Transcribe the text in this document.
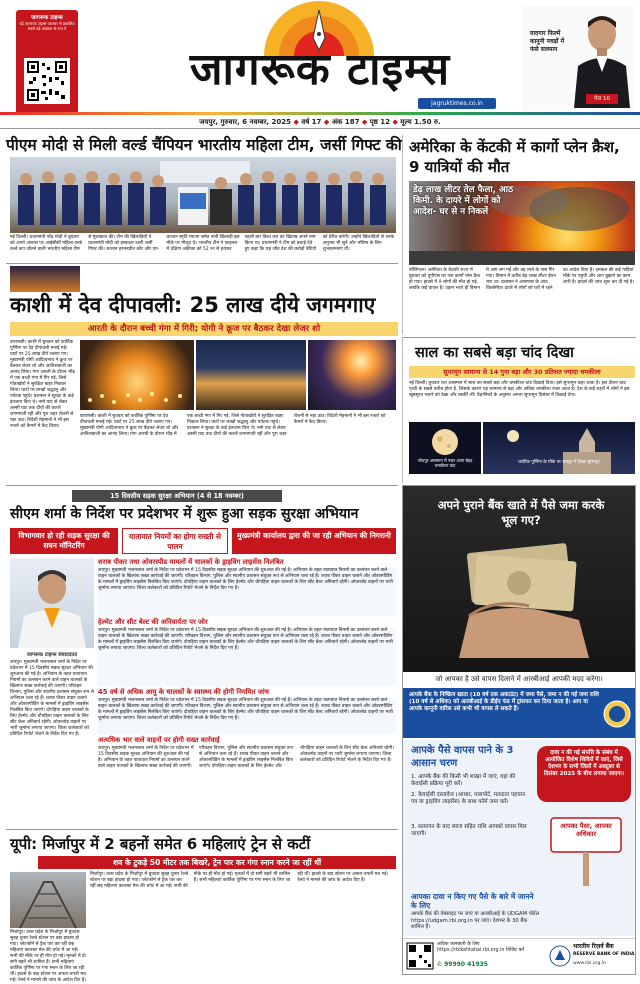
जागरूक टाइम्स
पढ़ें जागरूक टाइम्स जालंधर से प्रकाशित सबसे बड़े अखबार के रूप में
जागरूक टाइम्स
jagruktimes.co.in
यादगार फिल्में कानूनी पचड़ों में फंसे सलमान
पेज 10
जयपुर, गुरुवार, 6 नवम्बर, 2025 ◆ वर्ष 17 ◆ अंक 187 ◆ पृष्ठ 12 ◆ मूल्य 1.50 रु.
पीएम मोदी से मिली वर्ल्ड चैंपियन भारतीय महिला टीम, जर्सी गिफ्ट की
नई दिल्ली। प्रधानमंत्री नरेंद्र मोदी ने बुधवार को अपने आवास पर आईसीसी महिला वनडे वर्ल्ड कप जीतने वाली भारतीय महिला टीम से मुलाकात की। टीम की खिलाड़ियों ने प्रधानमंत्री मोदी को हस्ताक्षर वाली जर्सी गिफ्ट की। कप्तान हरमनप्रीत कौर और उप-कप्तान स्मृति मंधाना समेत सभी खिलाड़ी इस मौके पर मौजूद थे। भारतीय टीम ने फाइनल में दक्षिण अफ्रीका को 52 रन से हराकर पहली बार विश्व कप का खिताब अपने नाम किया था। प्रधानमंत्री ने टीम को बधाई देते हुए कहा कि यह जीत देश की करोड़ों बेटियों को प्रेरित करेगी। उन्होंने खिलाड़ियों से उनके अनुभव भी सुने और भविष्य के लिए शुभकामनाएं दीं।
अमेरिका के केंटकी में कार्गो प्लेन क्रैश, 9 यात्रियों की मौत
डेढ़ लाख लीटर तेल फैला, आठ किमी. के दायरे में लोगों को आदेश- घर से न निकलें
वॉशिंगटन। अमेरिका के केंटकी राज्य में बुधवार को यूपीएस का एक कार्गो प्लेन क्रैश हो गया। हादसे में 9 लोगों की मौत हो गई, जबकि कई घायल हैं। उड़ान भरते ही विमान में आग लग गई और वह रनवे के पास गिर गया। विमान में करीब डेढ़ लाख लीटर ईंधन भरा था। प्रशासन ने आसपास के आठ किलोमीटर दायरे में लोगों को घरों में रहने का आदेश दिया है। दमकल की कई गाड़ियां मौके पर पहुंची और आग बुझाने का काम जारी है। हादसे की जांच शुरू कर दी गई है।
काशी में देव दीपावली: 25 लाख दीये जगमगाए
आरती के दौरान बच्ची गंगा में गिरी; योगी ने क्रूज पर बैठकर देखा लेजर शो
वाराणसी। काशी में बुधवार को कार्तिक पूर्णिमा पर देव दीपावली मनाई गई। घाटों पर 25 लाख दीये जलाए गए। मुख्यमंत्री योगी आदित्यनाथ ने क्रूज पर बैठकर लेजर शो और आतिशबाजी का आनंद लिया। गंगा आरती के दौरान भीड़ में एक बच्ची गंगा में गिर गई, जिसे गोताखोरों ने सुरक्षित बाहर निकाल लिया। घाटों पर लाखों श्रद्धालु और पर्यटक पहुंचे। प्रशासन ने सुरक्षा के कड़े इंतजाम किए थे। नमो घाट से लेकर अस्सी घाट तक दीयों की कतारें जगमगाती रहीं और पूरा शहर रोशनी से नहा उठा। विदेशी मेहमानों ने भी इस नजारे को कैमरों में कैद किया।
वाराणसी। काशी में बुधवार को कार्तिक पूर्णिमा पर देव दीपावली मनाई गई। घाटों पर 25 लाख दीये जलाए गए। मुख्यमंत्री योगी आदित्यनाथ ने क्रूज पर बैठकर लेजर शो और आतिशबाजी का आनंद लिया। गंगा आरती के दौरान भीड़ में एक बच्ची गंगा में गिर गई, जिसे गोताखोरों ने सुरक्षित बाहर निकाल लिया। घाटों पर लाखों श्रद्धालु और पर्यटक पहुंचे। प्रशासन ने सुरक्षा के कड़े इंतजाम किए थे। नमो घाट से लेकर अस्सी घाट तक दीयों की कतारें जगमगाती रहीं और पूरा शहर रोशनी से नहा उठा। विदेशी मेहमानों ने भी इस नजारे को कैमरों में कैद किया।
साल का सबसे बड़ा चांद दिखा
सुपरमून सामान्य से 14 गुना बड़ा और 30 प्रतिशत ज्यादा चमकीला
नई दिल्ली। बुधवार रात आसमान में साल का सबसे बड़ा और चमकीला चांद दिखाई दिया। इसे सुपरमून कहा जाता है। इस दौरान चांद पृथ्वी के सबसे करीब होता है, जिसके कारण यह सामान्य से बड़ा और अधिक चमकीला नजर आता है। देश के कई शहरों में लोगों ने इस खूबसूरत नजारे को देखा और तस्वीरें लीं। वैज्ञानिकों के अनुसार अगला सुपरमून दिसंबर में दिखाई देगा।
जोधपुर आसमान में नजर आया बेहद चमकीला चांद
कार्तिक पूर्णिमा के मौके पर जयपुर में दिखा सुपरमून
15 दिवसीय सड़क सुरक्षा अभियान (4 से 18 नवम्बर)
सीएम शर्मा के निर्देश पर प्रदेशभर में शुरू हुआ सड़क सुरक्षा अभियान
विभागवार हो रही सड़क सुरक्षा की सघन मॉनिटरिंग
यातायात नियमों का होगा सख्ती से पालन
मुख्यमंत्री कार्यालय द्वारा की जा रही अभियान की निगरानी
जागरूक टाइम्स संवाददाता
जयपुर। मुख्यमंत्री भजनलाल शर्मा के निर्देश पर प्रदेशभर में 15 दिवसीय सड़क सुरक्षा अभियान की शुरुआत की गई है। अभियान के तहत यातायात नियमों का उल्लंघन करने वाले वाहन चालकों के खिलाफ सख्त कार्रवाई की जाएगी। परिवहन विभाग, पुलिस और स्थानीय प्रशासन संयुक्त रूप से अभियान चला रहे हैं। शराब पीकर वाहन चलाने और ओवरस्पीडिंग के मामलों में ड्राइविंग लाइसेंस निलंबित किए जाएंगे। दोपहिया वाहन चालकों के लिए हेल्मेट और चौपहिया वाहन चालकों के लिए सीट बेल्ट अनिवार्य रहेगी। ओवरलोड वाहनों पर भारी जुर्माना लगाया जाएगा। जिला कलेक्टरों को प्रतिदिन रिपोर्ट भेजने के निर्देश दिए गए हैं।
शराब पीकर तथा ओवरस्पीड मामलों में चालकों के ड्राइविंग लाइसेंस निलंबित
जयपुर। मुख्यमंत्री भजनलाल शर्मा के निर्देश पर प्रदेशभर में 15 दिवसीय सड़क सुरक्षा अभियान की शुरुआत की गई है। अभियान के तहत यातायात नियमों का उल्लंघन करने वाले वाहन चालकों के खिलाफ सख्त कार्रवाई की जाएगी। परिवहन विभाग, पुलिस और स्थानीय प्रशासन संयुक्त रूप से अभियान चला रहे हैं। शराब पीकर वाहन चलाने और ओवरस्पीडिंग के मामलों में ड्राइविंग लाइसेंस निलंबित किए जाएंगे। दोपहिया वाहन चालकों के लिए हेल्मेट और चौपहिया वाहन चालकों के लिए सीट बेल्ट अनिवार्य रहेगी। ओवरलोड वाहनों पर भारी जुर्माना लगाया जाएगा। जिला कलेक्टरों को प्रतिदिन रिपोर्ट भेजने के निर्देश दिए गए हैं।
हेल्मेट और सीट बेल्ट की अनिवार्यता पर जोर
जयपुर। मुख्यमंत्री भजनलाल शर्मा के निर्देश पर प्रदेशभर में 15 दिवसीय सड़क सुरक्षा अभियान की शुरुआत की गई है। अभियान के तहत यातायात नियमों का उल्लंघन करने वाले वाहन चालकों के खिलाफ सख्त कार्रवाई की जाएगी। परिवहन विभाग, पुलिस और स्थानीय प्रशासन संयुक्त रूप से अभियान चला रहे हैं। शराब पीकर वाहन चलाने और ओवरस्पीडिंग के मामलों में ड्राइविंग लाइसेंस निलंबित किए जाएंगे। दोपहिया वाहन चालकों के लिए हेल्मेट और चौपहिया वाहन चालकों के लिए सीट बेल्ट अनिवार्य रहेगी। ओवरलोड वाहनों पर भारी जुर्माना लगाया जाएगा। जिला कलेक्टरों को प्रतिदिन रिपोर्ट भेजने के निर्देश दिए गए हैं।
45 वर्ष से अधिक आयु के चालकों के स्वास्थ्य की होगी नियमित जांच
जयपुर। मुख्यमंत्री भजनलाल शर्मा के निर्देश पर प्रदेशभर में 15 दिवसीय सड़क सुरक्षा अभियान की शुरुआत की गई है। अभियान के तहत यातायात नियमों का उल्लंघन करने वाले वाहन चालकों के खिलाफ सख्त कार्रवाई की जाएगी। परिवहन विभाग, पुलिस और स्थानीय प्रशासन संयुक्त रूप से अभियान चला रहे हैं। शराब पीकर वाहन चलाने और ओवरस्पीडिंग के मामलों में ड्राइविंग लाइसेंस निलंबित किए जाएंगे। दोपहिया वाहन चालकों के लिए हेल्मेट और चौपहिया वाहन चालकों के लिए सीट बेल्ट अनिवार्य रहेगी। ओवरलोड वाहनों पर भारी जुर्माना लगाया जाएगा। जिला कलेक्टरों को प्रतिदिन रिपोर्ट भेजने के निर्देश दिए गए हैं।
अत्यधिक भार वाले वाहनों पर होगी सख्त कार्रवाई
जयपुर। मुख्यमंत्री भजनलाल शर्मा के निर्देश पर प्रदेशभर में 15 दिवसीय सड़क सुरक्षा अभियान की शुरुआत की गई है। अभियान के तहत यातायात नियमों का उल्लंघन करने वाले वाहन चालकों के खिलाफ सख्त कार्रवाई की जाएगी। परिवहन विभाग, पुलिस और स्थानीय प्रशासन संयुक्त रूप से अभियान चला रहे हैं। शराब पीकर वाहन चलाने और ओवरस्पीडिंग के मामलों में ड्राइविंग लाइसेंस निलंबित किए जाएंगे। दोपहिया वाहन चालकों के लिए हेल्मेट और चौपहिया वाहन चालकों के लिए सीट बेल्ट अनिवार्य रहेगी। ओवरलोड वाहनों पर भारी जुर्माना लगाया जाएगा। जिला कलेक्टरों को प्रतिदिन रिपोर्ट भेजने के निर्देश दिए गए हैं।
यूपी: मिर्जापुर में 2 बहनों समेत 6 महिलाएं ट्रेन से कटीं
शव के टुकड़े 50 मीटर तक बिखरे, ट्रेन पार कर गंगा स्नान करने जा रहीं थीं
मिर्जापुर। उत्तर प्रदेश के मिर्जापुर में बुधवार सुबह चुनार रेलवे स्टेशन पर बड़ा हादसा हो गया। प्लेटफॉर्म से ट्रैक पार कर रहीं छह महिलाएं कालका मेल की चपेट में आ गईं। सभी की मौके पर ही मौत हो गई। मृतकों में दो सगी बहनें भी शामिल हैं। सभी महिलाएं कार्तिक पूर्णिमा पर गंगा स्नान के लिए जा रही थीं। हादसे के बाद स्टेशन पर अफरा-तफरी मच गई। रेलवे ने मामले की जांच के आदेश दिए हैं।
मिर्जापुर। उत्तर प्रदेश के मिर्जापुर में बुधवार सुबह चुनार रेलवे स्टेशन पर बड़ा हादसा हो गया। प्लेटफॉर्म से ट्रैक पार कर रहीं छह महिलाएं कालका मेल की चपेट में आ गईं। सभी की मौके पर ही मौत हो गई। मृतकों में दो सगी बहनें भी शामिल हैं। सभी महिलाएं कार्तिक पूर्णिमा पर गंगा स्नान के लिए जा रही थीं। हादसे के बाद स्टेशन पर अफरा-तफरी मच गई। रेलवे ने मामले की जांच के आदेश दिए हैं।
अपने पुराने बैंक खाते में पैसे जमा करके भूल गए?
जो आपका है उसे वापस दिलाने में आरबीआई आपकी मदद करेगा।
आपके बैंक के निष्क्रिय खाता (10 वर्ष तक अकाउंट) में जमा पैसे, जमा न की गई जमा राशि (10 वर्ष से अधिक) को आरबीआई के डीईए फंड में ट्रांसफर कर दिया जाता है। आप या आपके कानूनी वारिस उसे कभी भी वापस ले सकते हैं।
आपके पैसे वापस पाने के 3 आसान चरण
1. आपके बैंक की किसी भी शाखा में जाएं, वहां की केवाईसी प्रक्रिया पूरी करें।
2. केवाईसी दस्तावेज (आधार, पासपोर्ट, मतदाता पहचान पत्र या ड्राइविंग लाइसेंस) के साथ फॉर्म जमा करें।
3. सत्यापन के बाद ब्याज सहित राशि आपको वापस मिल जाएगी।
दावा न की गई संपत्ति के संबंध में आयोजित विशेष शिविरों में जाएं, जिसे देशभर के सभी जिलों में अक्टूबर से दिसंबर 2025 के बीच लगाया जाएगा।
आपका पैसा, आपका अधिकार
आपका दावा न किए गए पैसे के बारे में जानने के लिए
आपके बैंक की वेबसाइट पर जाएं या आरबीआई के UDGAM पोर्टल https://udgam.rbi.org.in पर जाएं। देशभर के 30 बैंक शामिल हैं।
अधिक जानकारी के लिए https://rbikehtahai.rbi.org.in विजिट करें
✆ 99990 41935
भारतीय रिज़र्व बैंक
RESERVE BANK OF INDIA
www.rbi.org.in
